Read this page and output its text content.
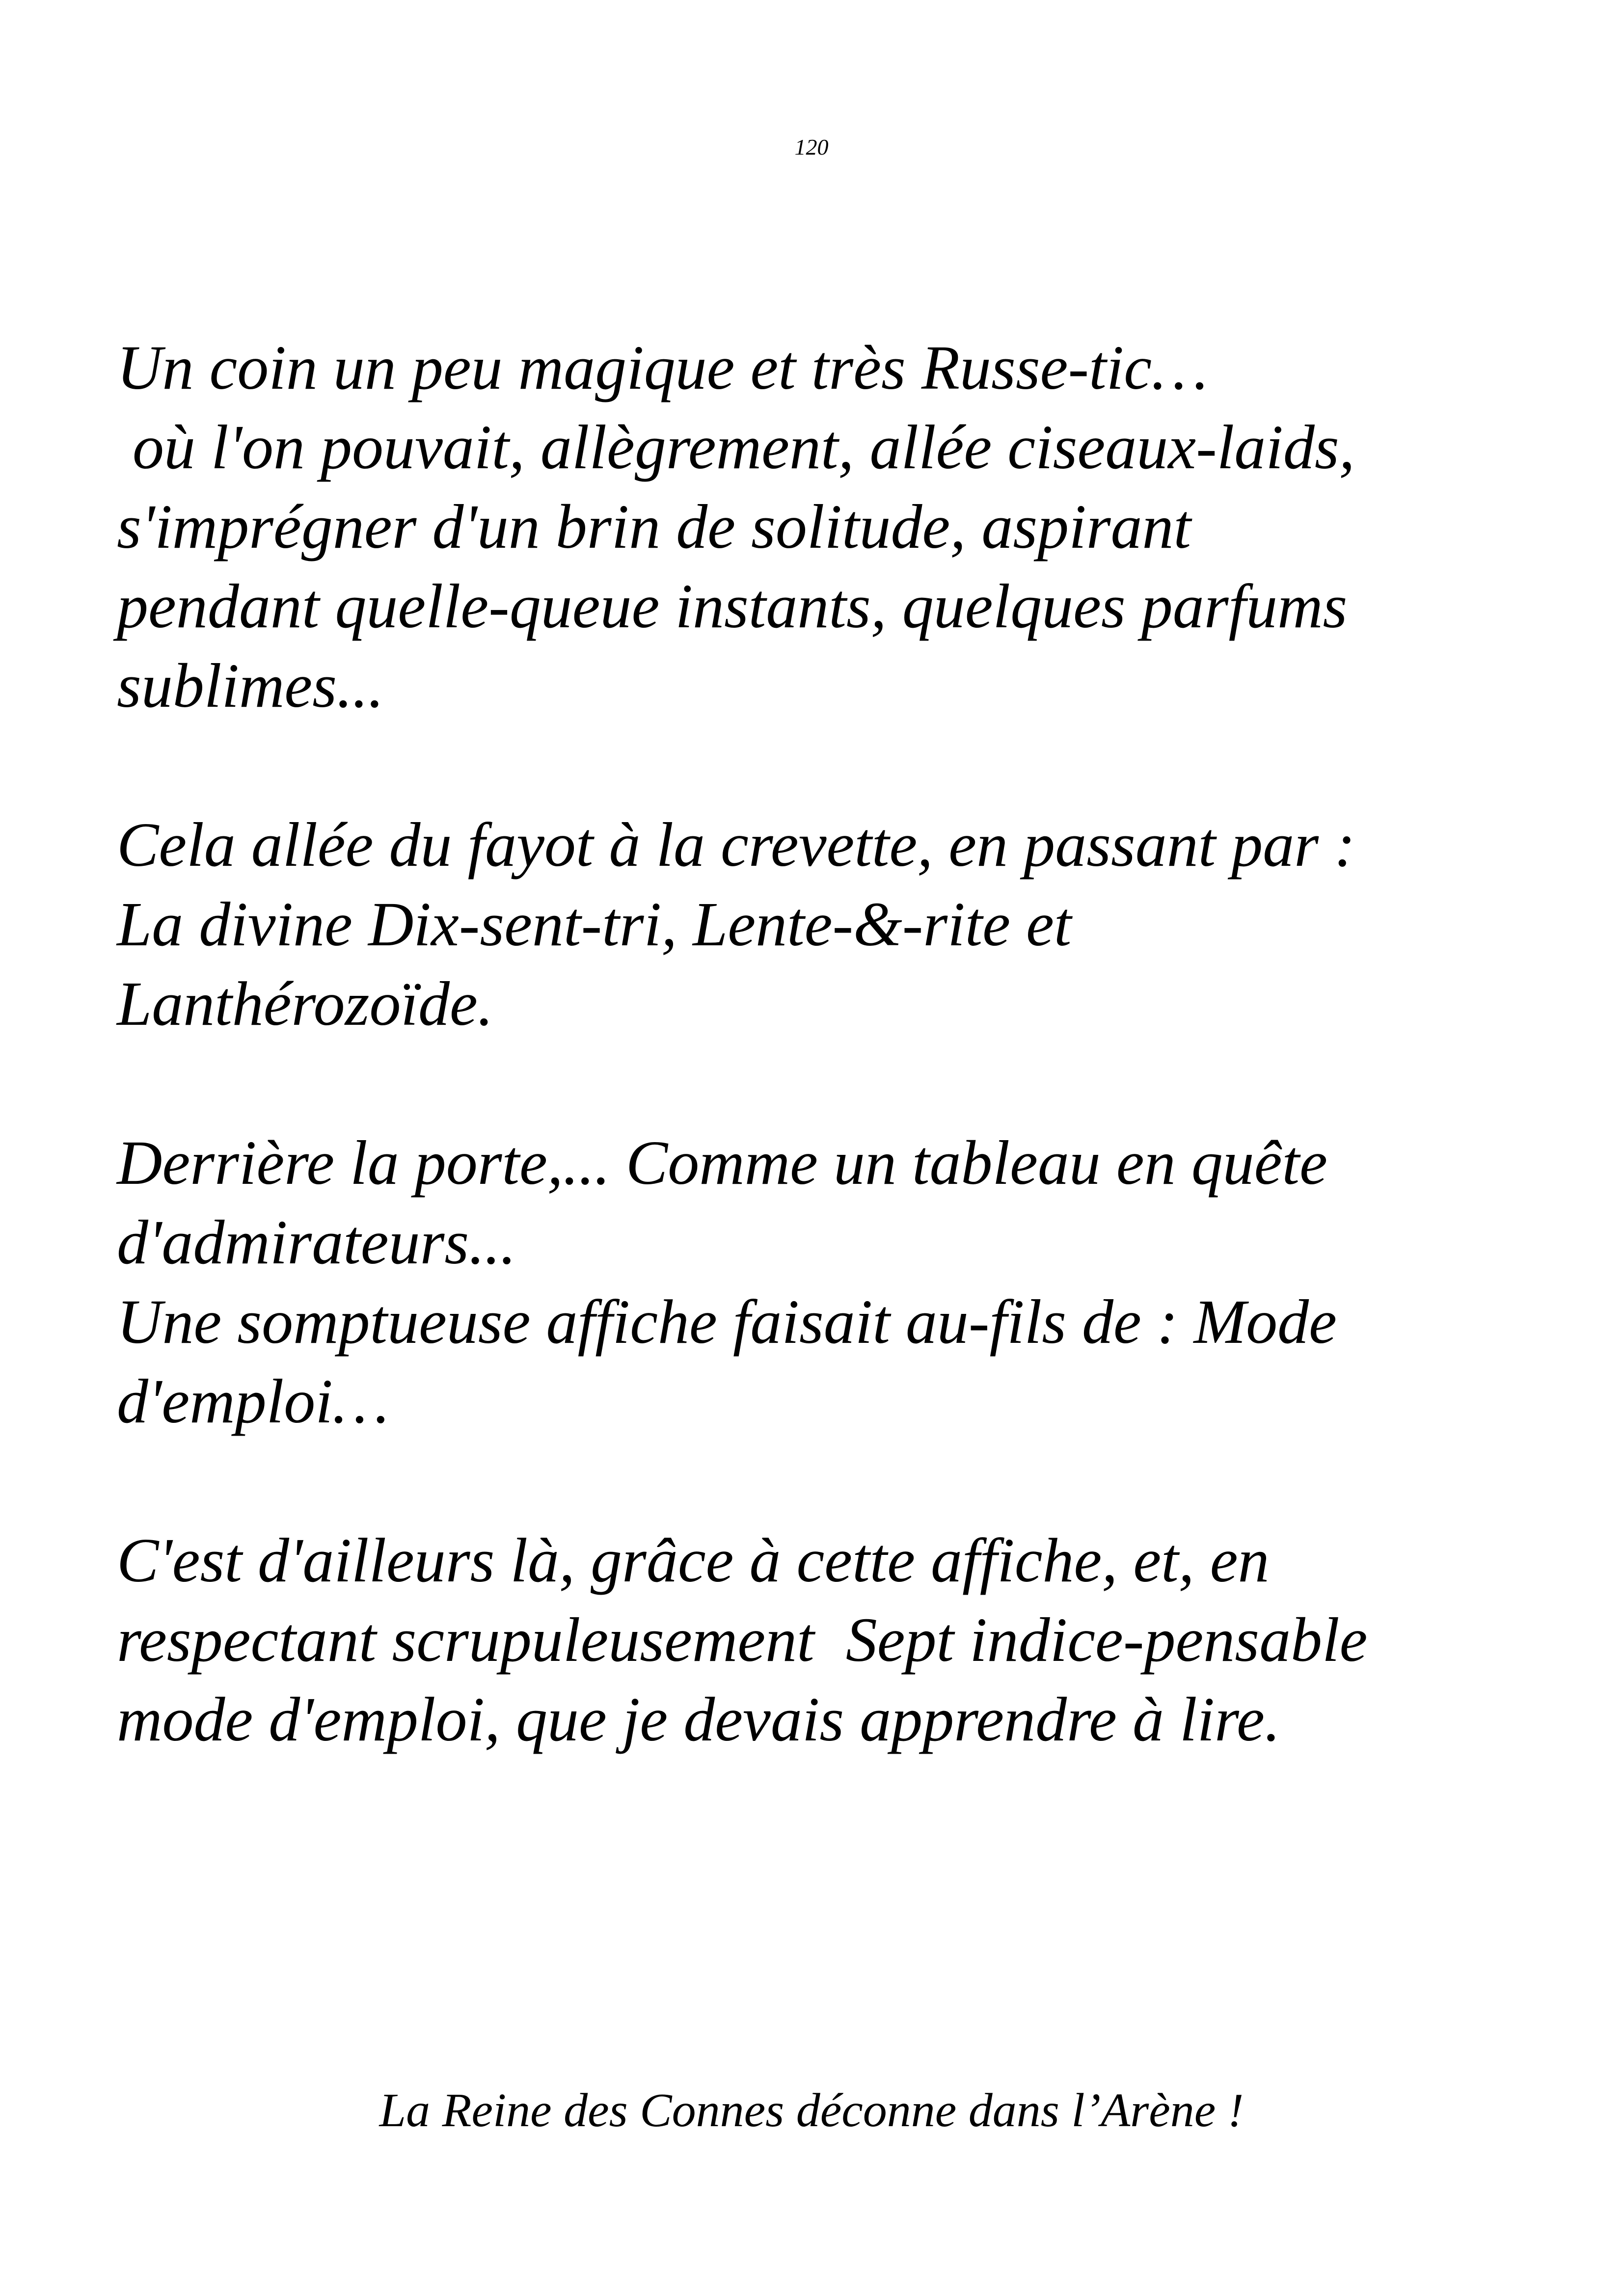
120
Un coin un peu magique et très Russe-tic…
où l'on pouvait, allègrement, allée ciseaux-laids,
s'imprégner d'un brin de solitude, aspirant
pendant quelle-queue instants, quelques parfums
sublimes...
Cela allée du fayot à la crevette, en passant par :
La divine Dix-sent-tri, Lente-&-rite et
Lanthérozoïde.
Derrière la porte,... Comme un tableau en quête
d'admirateurs...
Une somptueuse affiche faisait au-fils de : Mode
d'emploi…
C'est d'ailleurs là, grâce à cette affiche, et, en
respectant scrupuleusement  Sept indice-pensable
mode d'emploi, que je devais apprendre à lire.
La Reine des Connes déconne dans l’Arène !
